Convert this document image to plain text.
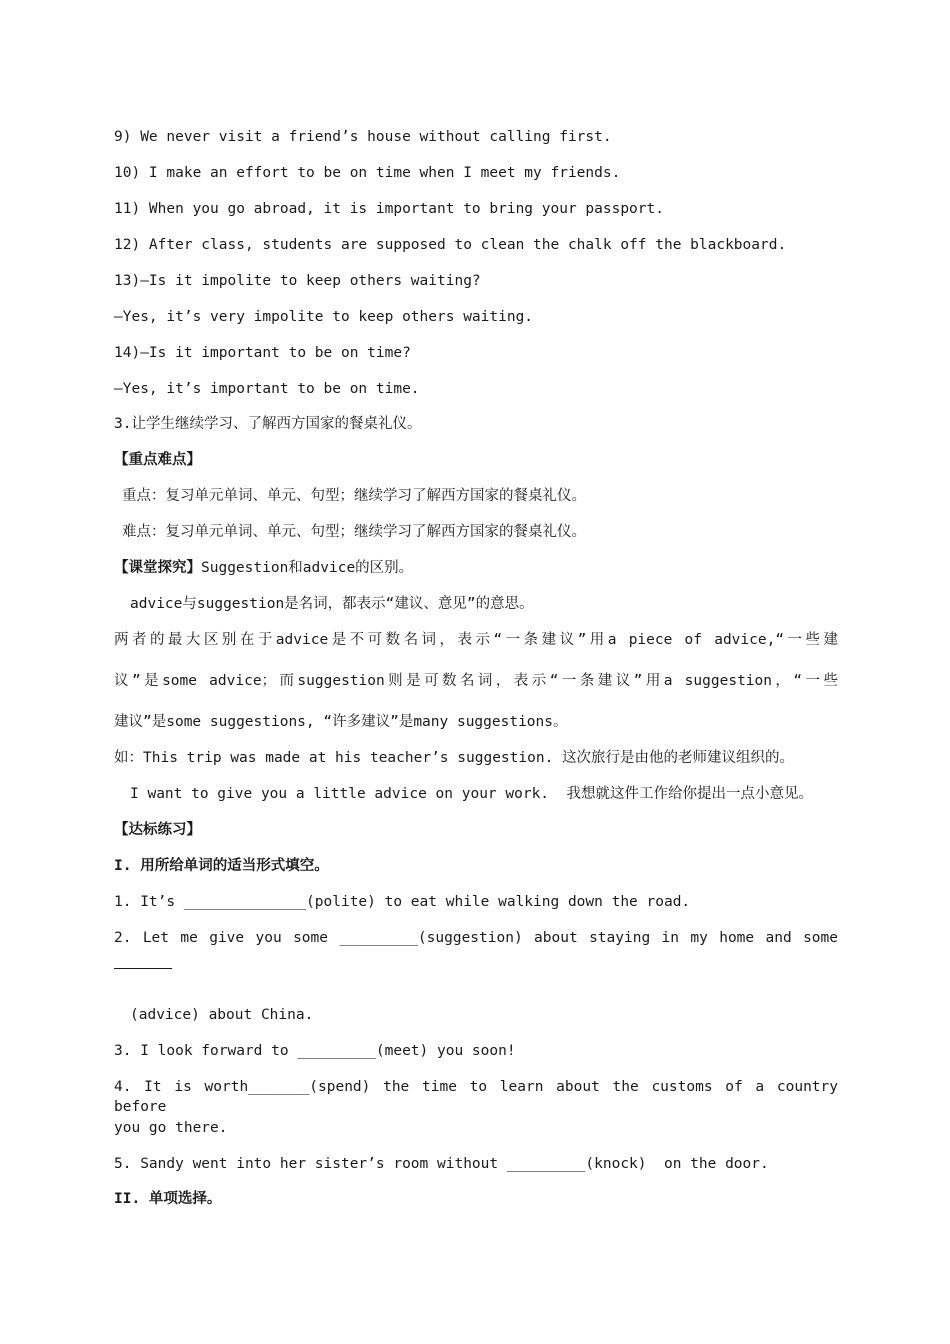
9) We never visit a friend’s house without calling first.
10) I make an effort to be on time when I meet my friends.
11) When you go abroad, it is important to bring your passport.
12) After class, students are supposed to clean the chalk off the blackboard.
13)—Is it impolite to keep others waiting?
—Yes, it’s very impolite to keep others waiting.
14)—Is it important to be on time?
—Yes, it’s important to be on time.
3.让学生继续学习、了解西方国家的餐桌礼仪。
【重点难点】
重点：复习单元单词、单元、句型；继续学习了解西方国家的餐桌礼仪。
难点：复习单元单词、单元、句型；继续学习了解西方国家的餐桌礼仪。
【课堂探究】Suggestion和advice的区别。
advice与suggestion是名词，都表示“建议、意见”的意思。
两者的最大区别在于advice是不可数名词，表示“一条建议”用a piece of advice,“一些建
议”是some advice；而suggestion则是可数名词，表示“一条建议”用a suggestion，“一些
建议”是some suggestions, “许多建议”是many suggestions。
如：This trip was made at his teacher’s suggestion. 这次旅行是由他的老师建议组织的。
I want to give you a little advice on your work.  我想就这件工作给你提出一点小意见。
【达标练习】
I. 用所给单词的适当形式填空。
1. It’s ______________(polite) to eat while walking down the road.
2. Let me give you some _________(suggestion) about staying in my home and some
(advice) about China.
3. I look forward to _________(meet) you soon!
4. It is worth_______(spend) the time to learn about the customs of a country before
you go there.
5. Sandy went into her sister’s room without _________(knock)  on the door.
II. 单项选择。
